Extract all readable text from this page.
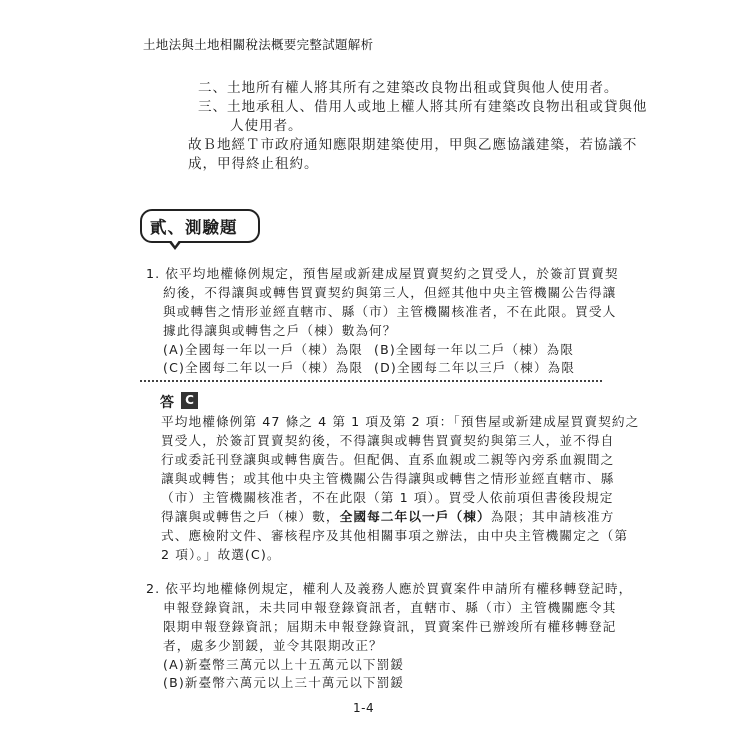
土地法與土地相關稅法概要完整試題解析
二、土地所有權人將其所有之建築改良物出租或貸與他人使用者。
三、土地承租人、借用人或地上權人將其所有建築改良物出租或貸與他
人使用者。
故Ｂ地經Ｔ市政府通知應限期建築使用，甲與乙應協議建築，若協議不
成，甲得終止租約。
貳、測驗題
1. 依平均地權條例規定，預售屋或新建成屋買賣契約之買受人，於簽訂買賣契
約後，不得讓與或轉售買賣契約與第三人，但經其他中央主管機關公告得讓
與或轉售之情形並經直轄市、縣（市）主管機關核准者，不在此限。買受人
據此得讓與或轉售之戶（棟）數為何？
(A)全國每一年以一戶（棟）為限 (B)全國每一年以二戶（棟）為限
(C)全國每二年以一戶（棟）為限 (D)全國每二年以三戶（棟）為限
答 C
平均地權條例第 47 條之 4 第 1 項及第 2 項：「預售屋或新建成屋買賣契約之
買受人，於簽訂買賣契約後，不得讓與或轉售買賣契約與第三人，並不得自
行或委託刊登讓與或轉售廣告。但配偶、直系血親或二親等內旁系血親間之
讓與或轉售；或其他中央主管機關公告得讓與或轉售之情形並經直轄市、縣
（市）主管機關核准者，不在此限（第 1 項）。買受人依前項但書後段規定
得讓與或轉售之戶（棟）數，全國每二年以一戶（棟）為限；其申請核准方
式、應檢附文件、審核程序及其他相關事項之辦法，由中央主管機關定之（第
2 項）。」故選(C)。
2. 依平均地權條例規定，權利人及義務人應於買賣案件申請所有權移轉登記時，
申報登錄資訊，未共同申報登錄資訊者，直轄市、縣（市）主管機關應令其
限期申報登錄資訊；屆期未申報登錄資訊，買賣案件已辦竣所有權移轉登記
者，處多少罰鍰，並令其限期改正？
(A)新臺幣三萬元以上十五萬元以下罰鍰
(B)新臺幣六萬元以上三十萬元以下罰鍰
1-4
